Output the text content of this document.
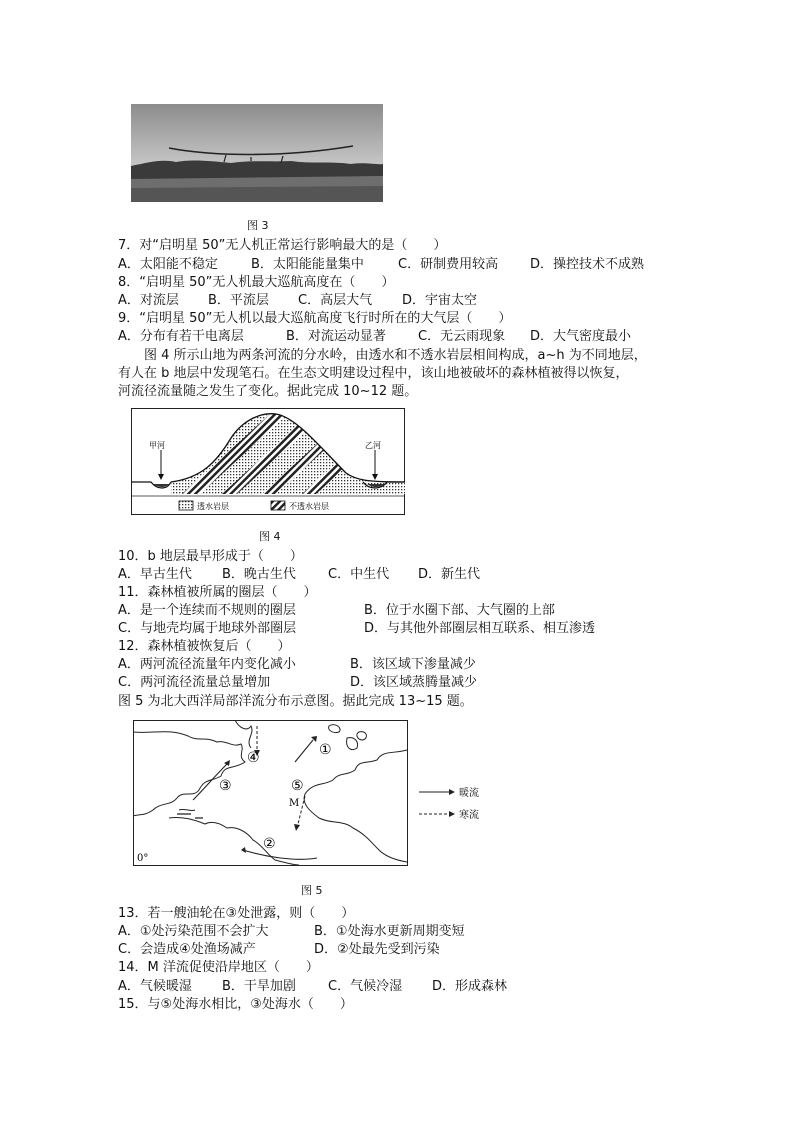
图 3
7．对“启明星 50”无人机正常运行影响最大的是（　　）
A．太阳能不稳定	B．太阳能能量集中	C．研制费用较高 D．操控技术不成熟
8．“启明星 50”无人机最大巡航高度在（　　）
A．对流层 B．平流层 C．高层大气 D．宇宙太空
9．“启明星 50”无人机以最大巡航高度飞行时所在的大气层（　　）
A．分布有若干电离层	B．对流运动显著 C．无云雨现象 D．大气密度最小
　　图 4 所示山地为两条河流的分水岭，由透水和不透水岩层相间构成，a~h 为不同地层，
有人在 b 地层中发现笔石。在生态文明建设过程中，该山地被破坏的森林植被得以恢复，
河流径流量随之发生了变化。据此完成 10~12 题。
甲河	乙河
透水岩层	不透水岩层
图 4
10．b 地层最早形成于（　　）
A．早古生代 B．晚古生代 C．中生代 D．新生代
11．森林植被所属的圈层（　　）
A．是一个连续而不规则的圈层	B．位于水圈下部、大气圈的上部
C．与地壳均属于地球外部圈层	D．与其他外部圈层相互联系、相互渗透
12．森林植被恢复后（　　）
A．两河流径流量年内变化减小	B．该区域下渗量减少
C．两河流径流量总量增加	D．该区域蒸腾量减少
图 5 为北大西洋局部洋流分布示意图。据此完成 13~15 题。
①
②
③
④
⑤
M
0°
暖流
寒流
图 5
13．若一艘油轮在③处泄露，则（　　）
A．①处污染范围不会扩大	B．①处海水更新周期变短
C．会造成④处渔场减产	D．②处最先受到污染
14．M 洋流促使沿岸地区（　　）
A．气候暖湿 B．干旱加剧 C．气候冷湿 D．形成森林
15．与⑤处海水相比，③处海水（　　）
